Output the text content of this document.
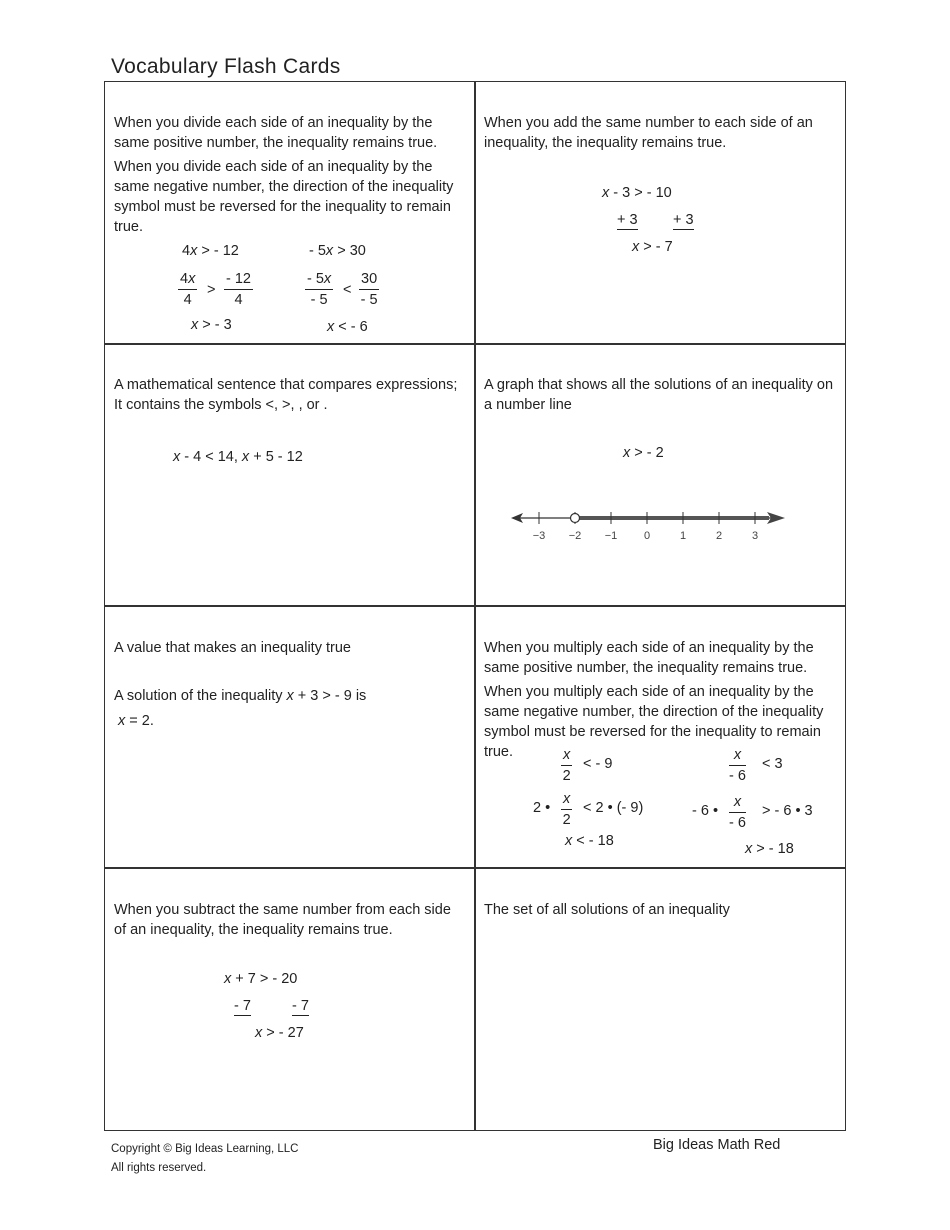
Vocabulary Flash Cards

When you divide each side of an inequality by the same positive number, the inequality remains true.

When you divide each side of an inequality by the same negative number, the direction of the inequality symbol must be reversed for the inequality to remain true.

4x > - 12	- 5x > 30
$\frac{4x}{4} > \frac{- 12}{4}$	$\frac{- 5x}{- 5} < \frac{30}{- 5}$
x > - 3	x < - 6

When you add the same number to each side of an inequality, the inequality remains true.

x - 3 > - 10
+ 3 + 3
x > - 7

A mathematical sentence that compares expressions; It contains the symbols <, >, , or .

x - 4 < 14, x + 5 - 12

A graph that shows all the solutions of an inequality on a number line

x > - 2
−3 −2 −1 0	1	2	3

A value that makes an inequality true

A solution of the inequality x + 3 > - 9 is
x = 2.

When you multiply each side of an inequality by the same positive number, the inequality remains true.

When you multiply each side of an inequality by the same negative number, the direction of the inequality symbol must be reversed for the inequality to remain true.	$\frac{x}{2}$ < - 9
2 • $\frac{x}{2} < 2$ • (- 9)
x < - 18
$\frac{x}{- 6} < 3$
- 6 • $\frac{x}{- 6}$ > - 6 • 3
x > - 18

When you subtract the same number from each side of an inequality, the inequality remains true.

x + 7 > - 20
- 7	- 7
x > - 27

The set of all solutions of an inequality

Copyright © Big Ideas Learning, LLC
All rights reserved.
Big Ideas Math Red
